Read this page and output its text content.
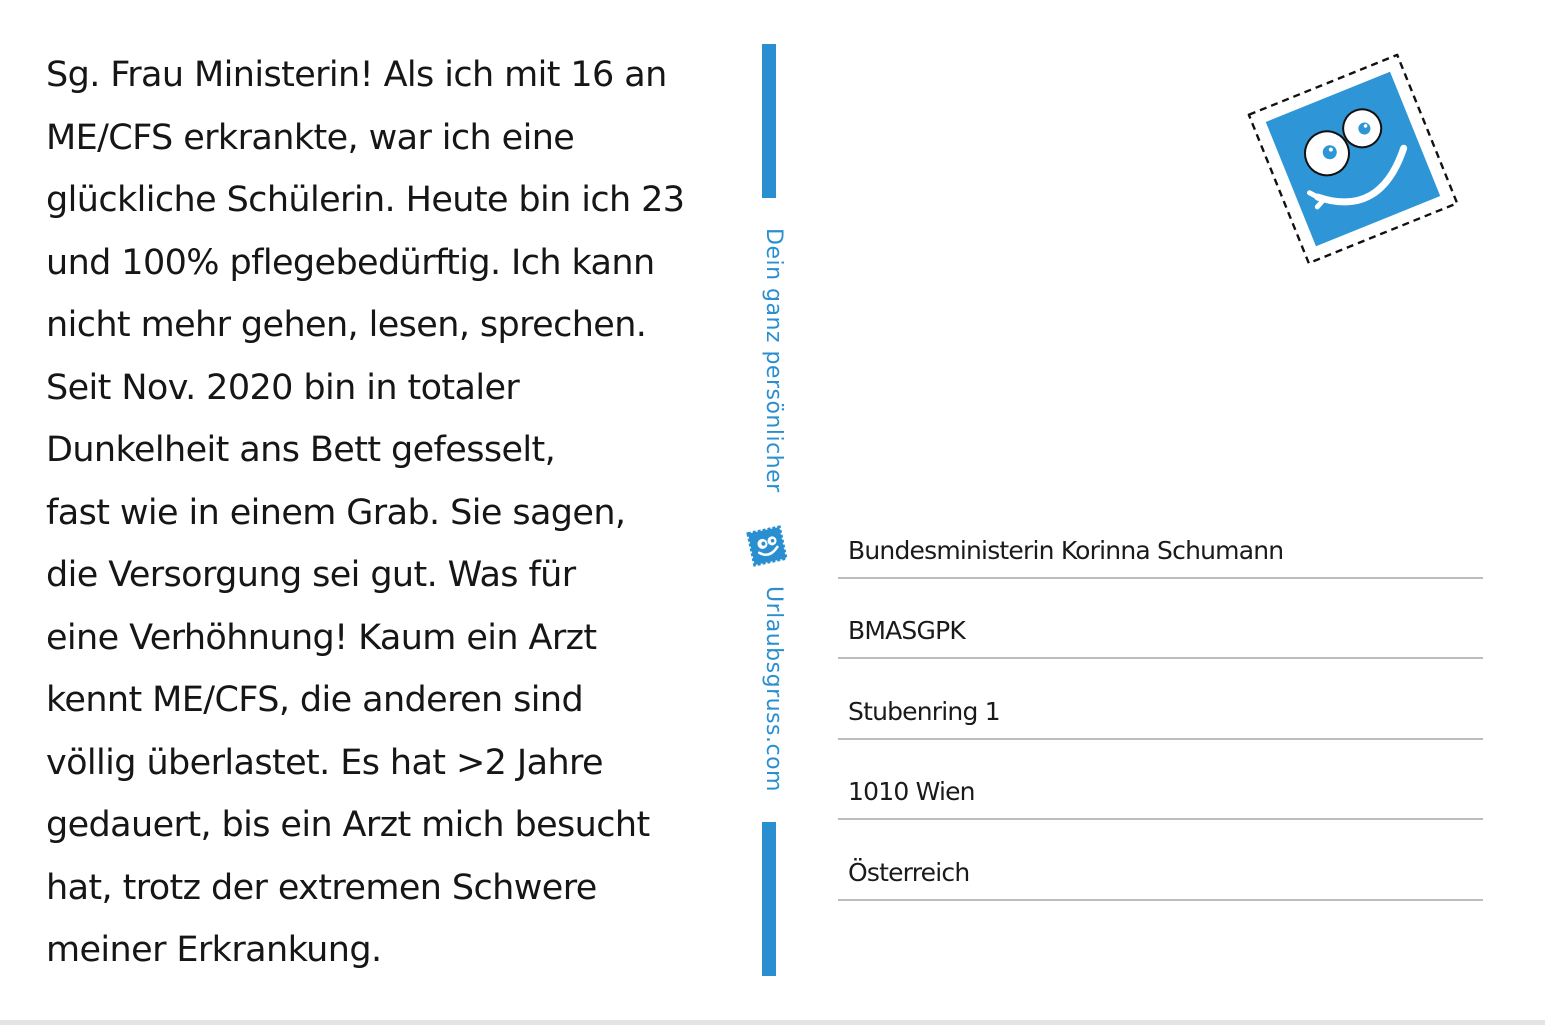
Sg. Frau Ministerin! Als ich mit 16 an
ME/CFS erkrankte, war ich eine
glückliche Schülerin. Heute bin ich 23
und 100% pflegebedürftig. Ich kann
nicht mehr gehen, lesen, sprechen.
Seit Nov. 2020 bin in totaler
Dunkelheit ans Bett gefesselt,
fast wie in einem Grab. Sie sagen,
die Versorgung sei gut. Was für
eine Verhöhnung! Kaum ein Arzt
kennt ME/CFS, die anderen sind
völlig überlastet. Es hat >2 Jahre
gedauert, bis ein Arzt mich besucht
hat, trotz der extremen Schwere
meiner Erkrankung.
Dein ganz persönlicher
Urlaubsgruss.com
Bundesministerin Korinna Schumann
BMASGPK
Stubenring 1
1010 Wien
Österreich
